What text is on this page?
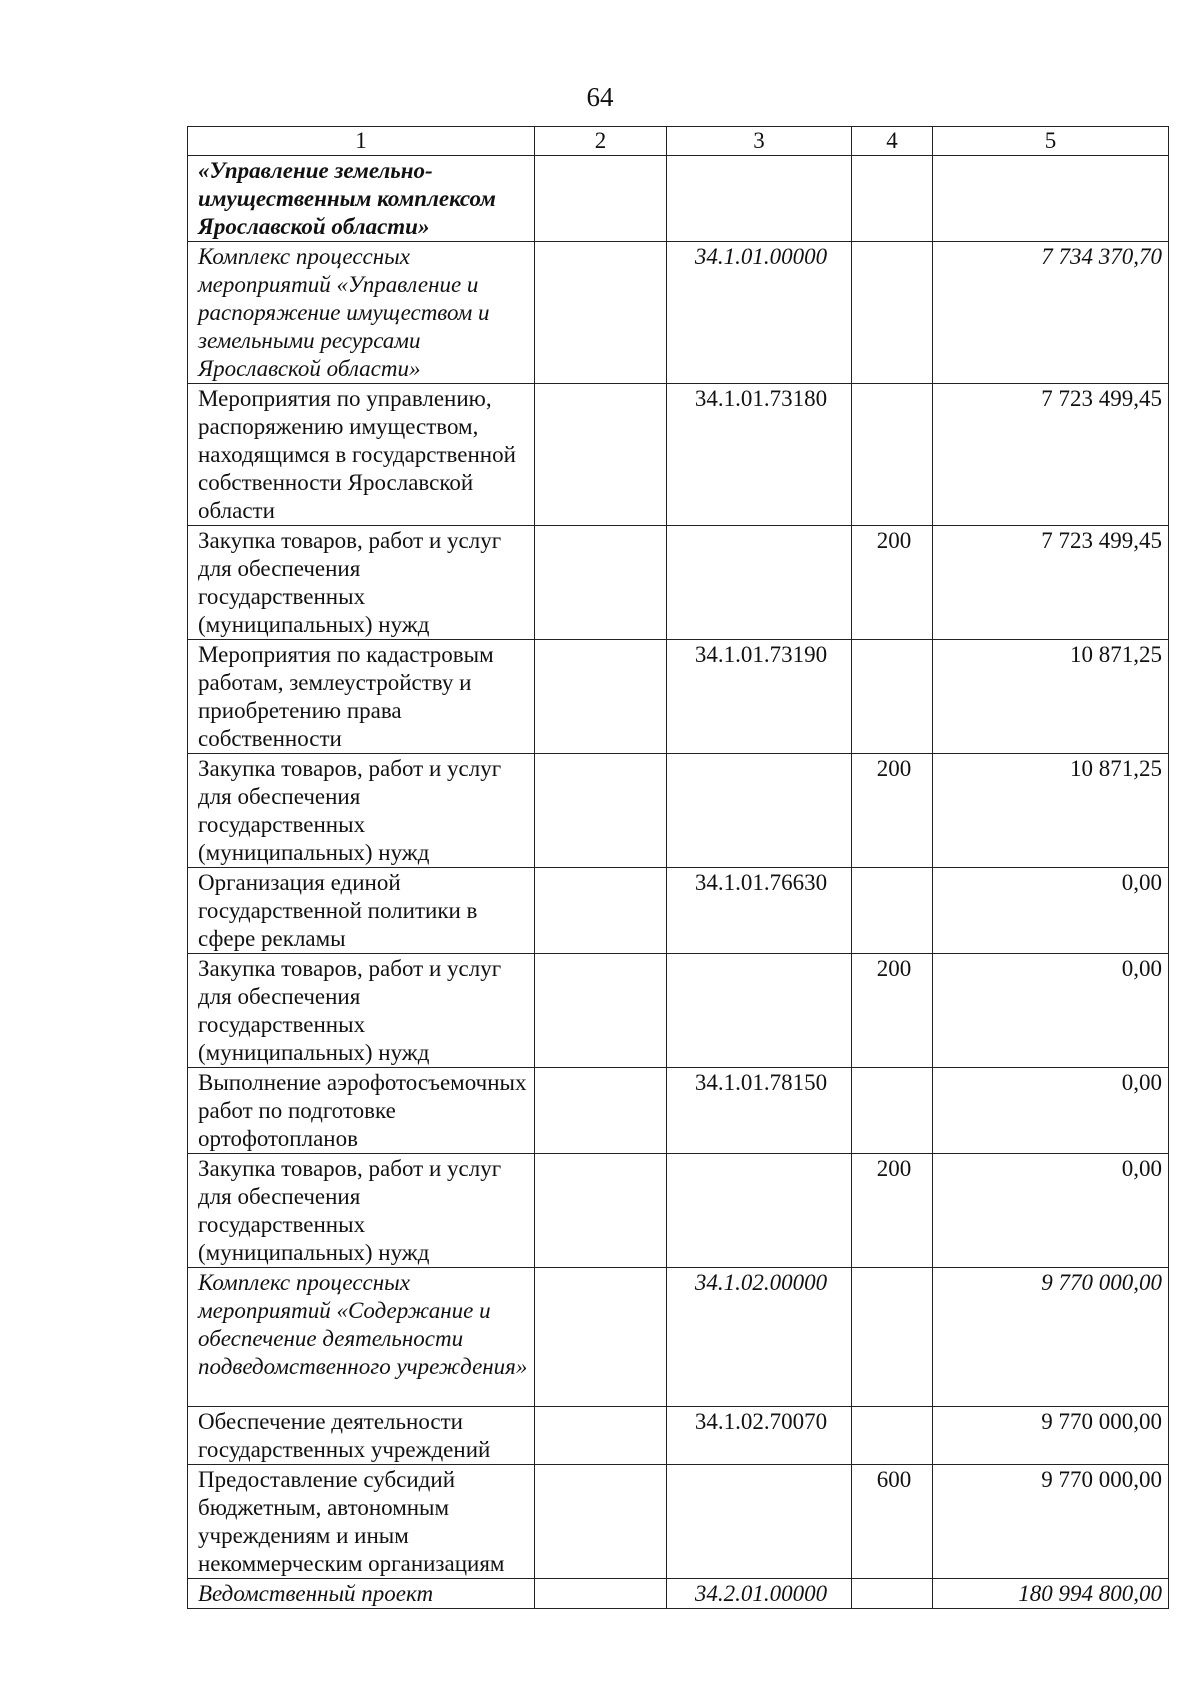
64
1	2	3	4	5
«Управление земельно-имущественным комплексом Ярославской области»				
Комплекс процессных мероприятий «Управление и распоряжение имуществом и земельными ресурсами Ярославской области»		34.1.01.00000		7 734 370,70
Мероприятия по управлению, распоряжению имуществом, находящимся в государственной собственности Ярославской области		34.1.01.73180		7 723 499,45
Закупка товаров, работ и услуг для обеспечения государственных (муниципальных) нужд			200	7 723 499,45
Мероприятия по кадастровым работам, землеустройству и приобретению права собственности		34.1.01.73190		10 871,25
Закупка товаров, работ и услуг для обеспечения государственных (муниципальных) нужд			200	10 871,25
Организация единой государственной политики в сфере рекламы		34.1.01.76630		0,00
Закупка товаров, работ и услуг для обеспечения государственных (муниципальных) нужд			200	0,00
Выполнение аэрофотосъемочных работ по подготовке ортофотопланов		34.1.01.78150		0,00
Закупка товаров, работ и услуг для обеспечения государственных (муниципальных) нужд			200	0,00
Комплекс процессных мероприятий «Содержание и обеспечение деятельности подведомственного учреждения»		34.1.02.00000		9 770 000,00
Обеспечение деятельности государственных учреждений		34.1.02.70070		9 770 000,00
Предоставление субсидий бюджетным, автономным учреждениям и иным некоммерческим организациям			600	9 770 000,00
Ведомственный проект		34.2.01.00000		180 994 800,00
